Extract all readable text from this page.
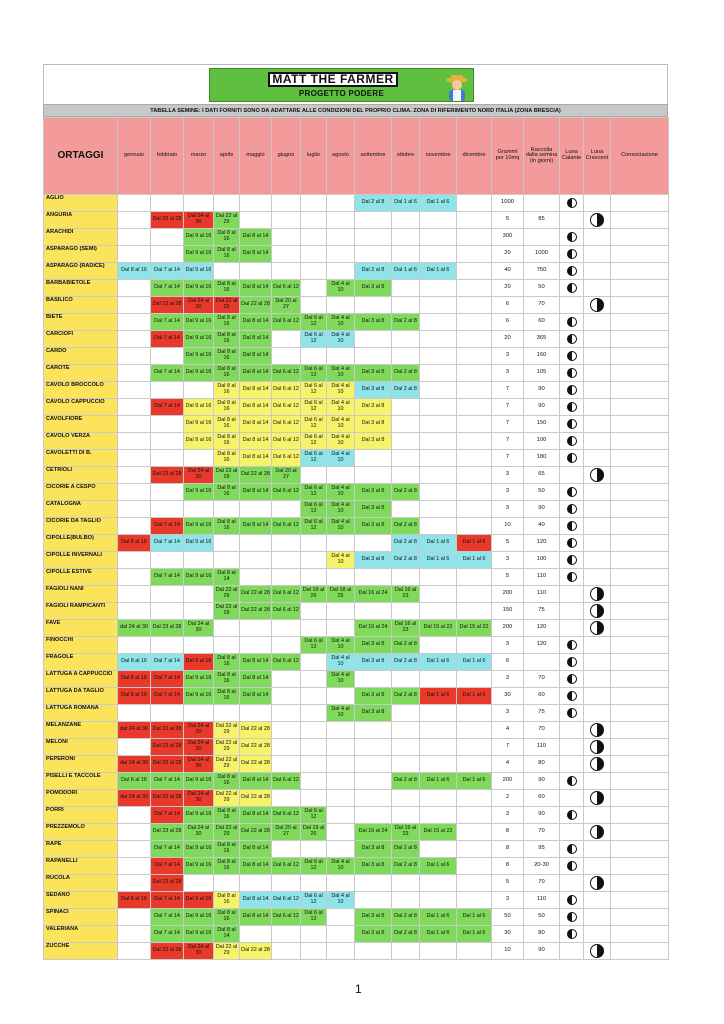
MATT THE FARMER
PROGETTO PODERE
TABELLA SEMINE: I DATI FORNITI SONO DA ADATTARE ALLE CONDIZIONI DEL PROPRIO CLIMA. ZONA DI RIFERIMENTO NORD ITALIA (ZONA BRESCIA)
ORTAGGI	gennaio	febbraio	marzo	aprile	maggio	giugno	luglio	agosto	settembre	ottobre	novembre	dicembre	Grammi per 10mq	Raccolta dalla semina (in giorni)	Luna Calante	Luna Crescent	Consociazione
AGLIO									Dal 2 al 8	Dal 1 al 6	Dal 1 al 6		1000				
ANGURIA		Dal 23 al 28	Dal 24 al 30	Dal 22 al 29									5	85			
ARACHIDI			Dal 9 al 16	Dal 8 al 16	Dal 8 al 14								300				
ASPARAGO (SEMI)			Dal 9 al 16	Dal 8 al 16	Dal 8 al 14								20	1000			
ASPARAGO (RADICE)	Dal 8 al 16	Dal 7 al 14	Dal 9 al 16						Dal 2 al 8	Dal 1 al 6	Dal 1 al 6		40	750			
BARBABIETOLE		Dal 7 al 14	Dal 9 al 16	Dal 8 al 16	Dal 8 al 14	Dal 6 al 12		Dal 4 al 10	Dal 3 al 8				20	50			
BASILICO		Dal 23 al 28	Dal 24 al 30	Dal 22 al 29	Dal 22 al 28	Dal 20 al 27							6	70			
BIETE		Dal 7 al 14	Dal 9 al 16	Dal 8 al 16	Dal 8 al 14	Dal 6 al 12	Dal 6 al 12	Dal 4 al 10	Dal 3 al 8	Dal 2 al 8			6	60			
CARCIOFI		Dal 7 al 14	Dal 9 al 16	Dal 8 al 16	Dal 8 al 14		Dal 6 al 12	Dal 4 al 10					20	365			
CARDO			Dal 9 al 16	Dal 8 al 16	Dal 8 al 14								3	160			
CAROTE		Dal 7 al 14	Dal 9 al 16	Dal 8 al 16	Dal 8 al 14	Dal 6 al 12	Dal 6 al 12	Dal 4 al 10	Dal 3 al 8	Dal 2 al 8			3	105			
CAVOLO BROCCOLO				Dal 8 al 16	Dal 8 al 14	Dal 6 al 12	Dal 6 al 12	Dal 4 al 10	Dal 3 al 8	Dal 2 al 8			7	90			
CAVOLO CAPPUCCIO		Dal 7 al 14	Dal 9 al 16	Dal 8 al 16	Dal 8 al 14	Dal 6 al 12	Dal 6 al 12	Dal 4 al 10	Dal 3 al 8				7	90			
CAVOLFIORE			Dal 9 al 16	Dal 8 al 16	Dal 8 al 14	Dal 6 al 12	Dal 6 al 12	Dal 4 al 10	Dal 3 al 8				7	150			
CAVOLO VERZA			Dal 9 al 16	Dal 8 al 16	Dal 8 al 14	Dal 6 al 12	Dal 6 al 12	Dal 4 al 10	Dal 3 al 8				7	100			
CAVOLETTI DI B.				Dal 8 al 16	Dal 8 al 14	Dal 6 al 12	Dal 6 al 12	Dal 4 al 10					7	180			
CETRIOLI		Dal 23 al 28	Dal 24 al 30	Dal 22 al 29	Dal 22 al 28	Dal 20 al 27							3	65			
CICORIE A CESPO			Dal 9 al 16	Dal 8 al 16	Dal 8 al 14	Dal 6 al 12	Dal 6 al 12	Dal 4 al 10	Dal 3 al 8	Dal 2 al 8			3	50			
CATALOGNA							Dal 6 al 12	Dal 4 al 10	Dal 3 al 8				3	90			
CICORIE DA TAGLIO		Dal 7 al 14	Dal 9 al 16	Dal 8 al 16	Dal 8 al 14	Dal 6 al 12	Dal 6 al 12	Dal 4 al 10	Dal 3 al 8	Dal 2 al 8			10	40			
CIPOLLE(BULBO)	Dal 8 al 16	Dal 7 al 14	Dal 9 al 16							Dal 2 al 8	Dal 1 al 6	Dal 1 al 6	5	120			
CIPOLLE INVERNALI								Dal 4 al 10	Dal 3 al 8	Dal 2 al 8	Dal 1 al 6	Dal 1 al 6	3	100			
CIPOLLE ESTIVE		Dal 7 al 14	Dal 9 al 16	Dal 8 al 14									5	110			
FAGIOLI NANI				Dal 22 al 29	Dal 22 al 28	Dal 6 al 12	Dal 19 al 26	Dal 18 al 25	Dal 16 al 24	Dal 16 al 23			200	110			
FAGIOLI RAMPICANTI				Dal 22 al 29	Dal 22 al 28	Dal 6 al 12							150	75			
FAVE	dal 24 al 30	Dal 23 al 28	Dal 24 al 30						Dal 16 al 24	Dal 16 al 23	Dal 15 al 22	Dal 15 al 22	200	120			
FINOCCHI							Dal 6 al 12	Dal 4 al 10	Dal 3 al 8	Dal 2 al 8			3	120			
FRAGOLE	Dal 8 al 16	Dal 7 al 14	Dal 9 al 16	Dal 8 al 16	Dal 8 al 14	Dal 6 al 12		Dal 4 al 10	Dal 3 al 8	Dal 2 al 8	Dal 1 al 6	Dal 1 al 6	6				
LATTUGA A CAPPUCCIO	Dal 8 al 16	Dal 7 al 14	Dal 9 al 16	Dal 8 al 16	Dal 8 al 14			Dal 4 al 10					3	70			
LATTUGA DA TAGLIO	Dal 8 al 16	Dal 7 al 14	Dal 9 al 16	Dal 8 al 16	Dal 8 al 14				Dal 3 al 8	Dal 2 al 8	Dal 1 al 6	Dal 1 al 6	30	60			
LATTUGA ROMANA								Dal 4 al 10	Dal 3 al 8				3	75			
MELANZANE	dal 24 al 30	Dal 23 al 28	Dal 24 al 30	Dal 22 al 29	Dal 22 al 28								4	70			
MELONI		Dal 23 al 28	Dal 24 al 30	Dal 22 al 29	Dal 22 al 28								7	110			
PEPERONI	dal 24 al 30	Dal 23 al 28	Dal 24 al 30	Dal 22 al 29	Dal 22 al 28								4	80			
PISELLI E TACCOLE	Dal 8 al 16	Dal 7 al 14	Dal 9 al 16	Dal 8 al 16	Dal 8 al 14	Dal 6 al 12				Dal 2 al 8	Dal 1 al 6	Dal 1 al 6	200	90			
POMODORI	dal 24 al 30	Dal 23 al 28	Dal 24 al 30	Dal 22 al 29	Dal 22 al 28								2	60			
PORRI		Dal 7 al 14	Dal 9 al 16	Dal 8 al 16	Dal 8 al 14	Dal 6 al 12	Dal 6 al 12						3	90			
PREZZEMOLO		Dal 23 al 28	Dal 24 al 30	Dal 22 al 29	Dal 22 al 28	Dal 20 al 27	Dal 19 al 26		Dal 16 al 24	Dal 16 al 23	Dal 15 al 22		8	70			
RAPE		Dal 7 al 14	Dal 9 al 16	Dal 8 al 16	Dal 8 al 14				Dal 3 al 8	Dal 2 al 8			8	95			
RAPANELLI		Dal 7 al 14	Dal 9 al 16	Dal 8 al 16	Dal 8 al 14	Dal 6 al 12	Dal 6 al 12	Dal 4 al 10	Dal 3 al 8	Dal 2 al 8	Dal 1 al 6		8	20-30			
RUCOLA		Dal 23 al 28											5	70			
SEDANO	Dal 8 al 16	Dal 7 al 14	Dal 9 al 16	Dal 8 al 16	Dal 8 al 14	Dal 6 al 12	Dal 6 al 12	Dal 4 al 10					3	110			
SPINACI		Dal 7 al 14	Dal 9 al 16	Dal 8 al 16	Dal 8 al 14	Dal 6 al 12	Dal 6 al 12		Dal 3 al 8	Dal 2 al 8	Dal 1 al 6	Dal 1 al 6	50	50			
VALERIANA		Dal 7 al 14	Dal 9 al 16	Dal 8 al 14					Dal 3 al 8	Dal 2 al 8	Dal 1 al 6	Dal 1 al 6	30	80			
ZUCCHE		Dal 23 al 28	Dal 24 al 30	Dal 22 al 29	Dal 22 al 28								10	90			
1
